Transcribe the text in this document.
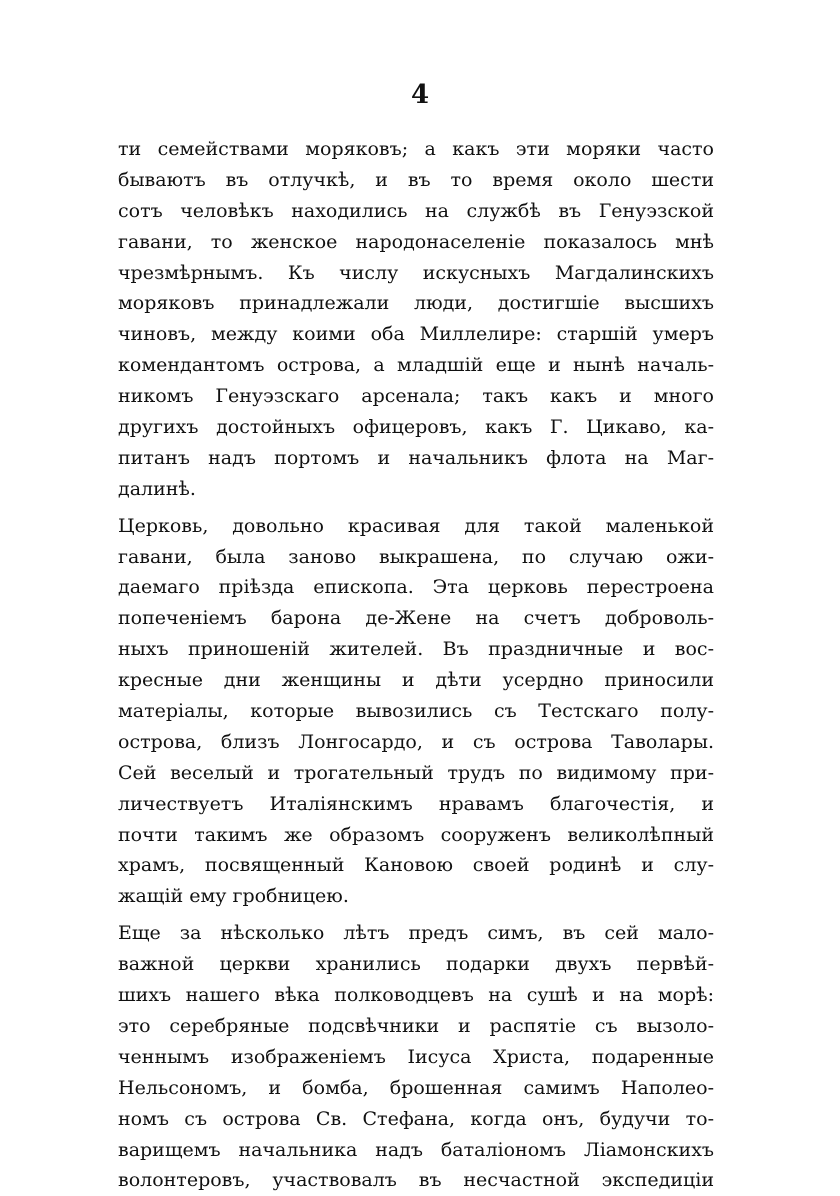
4
ти семействами моряковъ; а какъ эти моряки часто
бываютъ въ отлучкѣ, и въ то время около шести
сотъ человѣкъ находились на службѣ въ Генуэзской
гавани, то женское народонаселеніе показалось мнѣ
чрезмѣрнымъ. Къ числу искусныхъ Магдалинскихъ
моряковъ принадлежали люди, достигшіе высшихъ
чиновъ, между коими оба Миллелире: старшій умеръ
комендантомъ острова, а младшій еще и нынѣ началь-
никомъ Генуэзскаго арсенала; такъ какъ и много
другихъ достойныхъ офицеровъ, какъ Г. Цикаво, ка-
питанъ надъ портомъ и начальникъ флота на Маг-
далинѣ.
Церковь, довольно красивая для такой маленькой
гавани, была заново выкрашена, по случаю ожи-
даемаго пріѣзда епископа. Эта церковь перестроена
попеченіемъ барона де-Жене на счетъ доброволь-
ныхъ приношеній жителей. Въ праздничные и вос-
кресные дни женщины и дѣти усердно приносили
матеріалы, которые вывозились съ Тестскаго полу-
острова, близъ Лонгосардо, и съ острова Таволары.
Сей веселый и трогательный трудъ по видимому при-
личествуетъ Италіянскимъ нравамъ благочестія, и
почти такимъ же образомъ сооруженъ великолѣпный
храмъ, посвященный Кановою своей родинѣ и слу-
жащій ему гробницею.
Еще за нѣсколько лѣтъ предъ симъ, въ сей мало-
важной церкви хранились подарки двухъ первѣй-
шихъ нашего вѣка полководцевъ на сушѣ и на морѣ:
это серебряные подсвѣчники и распятіе съ вызоло-
ченнымъ изображеніемъ Іисуса Христа, подаренные
Нельсономъ, и бомба, брошенная самимъ Наполео-
номъ съ острова Св. Стефана, когда онъ, будучи то-
варищемъ начальника надъ баталіономъ Ліамонскихъ
волонтеровъ, участвовалъ въ несчастной экспедиціи
